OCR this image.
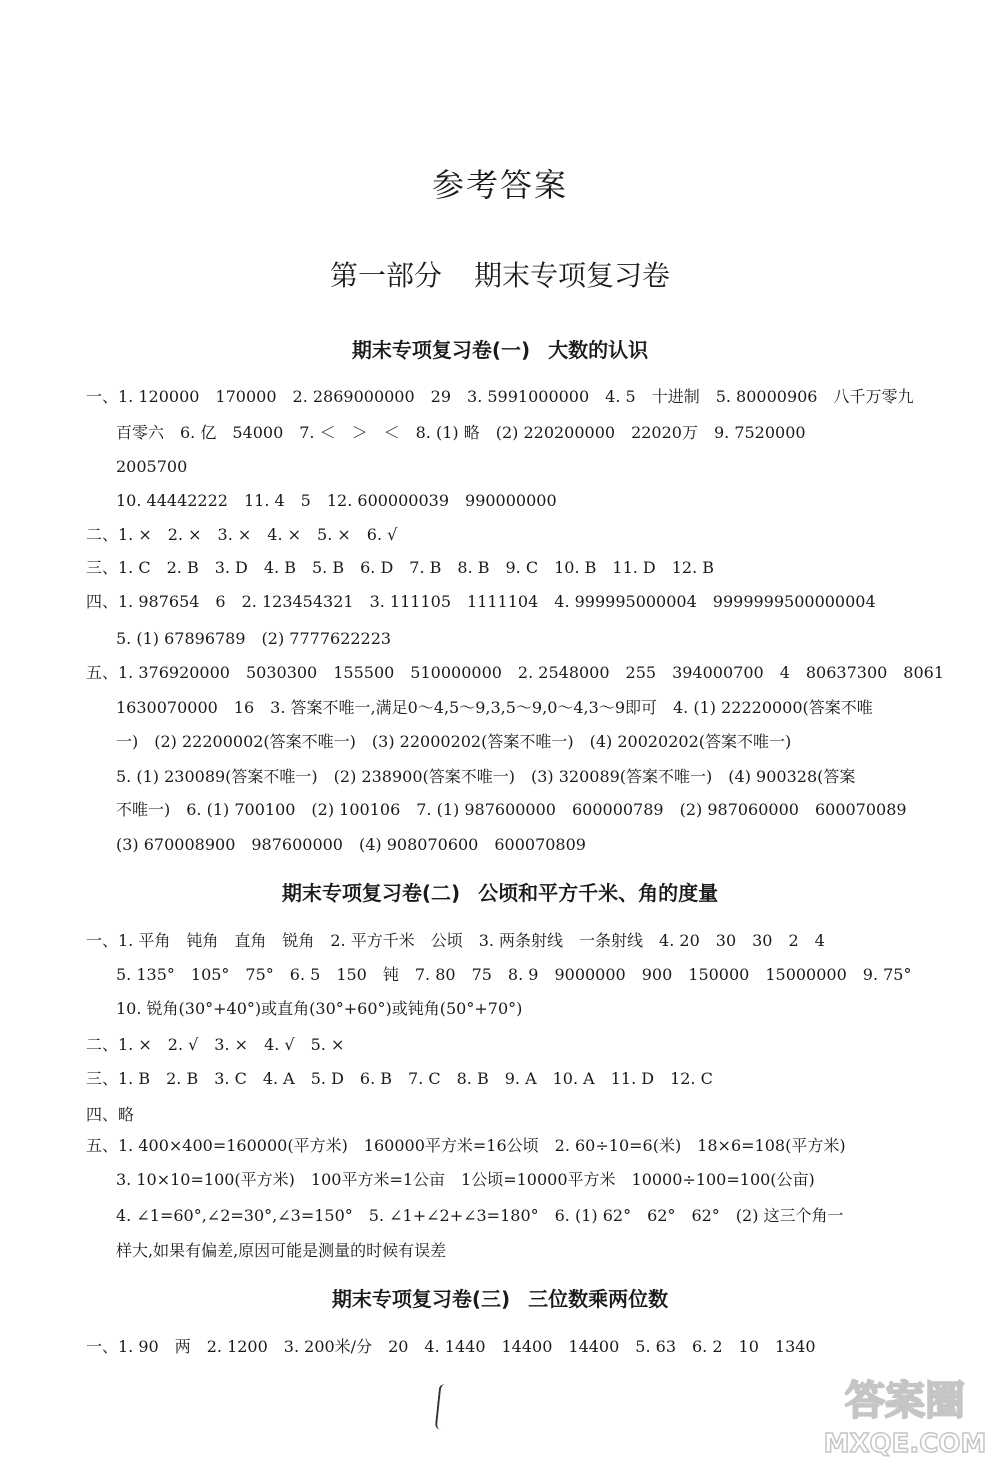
参考答案
第一部分 期末专项复习卷
期末专项复习卷(一) 大数的认识
一、1. 120000　170000　2. 2869000000　29　3. 5991000000　4. 5　十进制　5. 80000906　八千万零九
百零六　6. 亿　54000　7. ＜　＞　＜　8. (1) 略　(2) 220200000　22020万　9. 7520000
2005700
10. 44442222　11. 4　5　12. 600000039　990000000
二、1. ×　2. ×　3. ×　4. ×　5. ×　6. √
三、1. C　2. B　3. D　4. B　5. B　6. D　7. B　8. B　9. C　10. B　11. D　12. B
四、1. 987654　6　2. 123454321　3. 111105　1111104　4. 999995000004　9999999500000004
5. (1) 67896789　(2) 7777622223
五、1. 376920000　5030300　155500　510000000　2. 2548000　255　394000700　4　80637300　8061
1630070000　16　3. 答案不唯一,满足0～4,5～9,3,5～9,0～4,3～9即可　4. (1) 22220000(答案不唯
一)　(2) 22200002(答案不唯一)　(3) 22000202(答案不唯一)　(4) 20020202(答案不唯一)
5. (1) 230089(答案不唯一)　(2) 238900(答案不唯一)　(3) 320089(答案不唯一)　(4) 900328(答案
不唯一)　6. (1) 700100　(2) 100106　7. (1) 987600000　600000789　(2) 987060000　600070089
(3) 670008900　987600000　(4) 908070600　600070809
期末专项复习卷(二) 公顷和平方千米、角的度量
一、1. 平角　钝角　直角　锐角　2. 平方千米　公顷　3. 两条射线　一条射线　4. 20　30　30　2　4
5. 135°　105°　75°　6. 5　150　钝　7. 80　75　8. 9　9000000　900　150000　15000000　9. 75°
10. 锐角(30°+40°)或直角(30°+60°)或钝角(50°+70°)
二、1. ×　2. √　3. ×　4. √　5. ×
三、1. B　2. B　3. C　4. A　5. D　6. B　7. C　8. B　9. A　10. A　11. D　12. C
四、略
五、1. 400×400=160000(平方米)　160000平方米=16公顷　2. 60÷10=6(米)　18×6=108(平方米)
3. 10×10=100(平方米)　100平方米=1公亩　1公顷=10000平方米　10000÷100=100(公亩)
4. ∠1=60°,∠2=30°,∠3=150°　5. ∠1+∠2+∠3=180°　6. (1) 62°　62°　62°　(2) 这三个角一
样大,如果有偏差,原因可能是测量的时候有误差
期末专项复习卷(三) 三位数乘两位数
一、1. 90　两　2. 1200　3. 200米/分　20　4. 1440　14400　14400　5. 63　6. 2　10　1340
答案圈
MXQE.COM
